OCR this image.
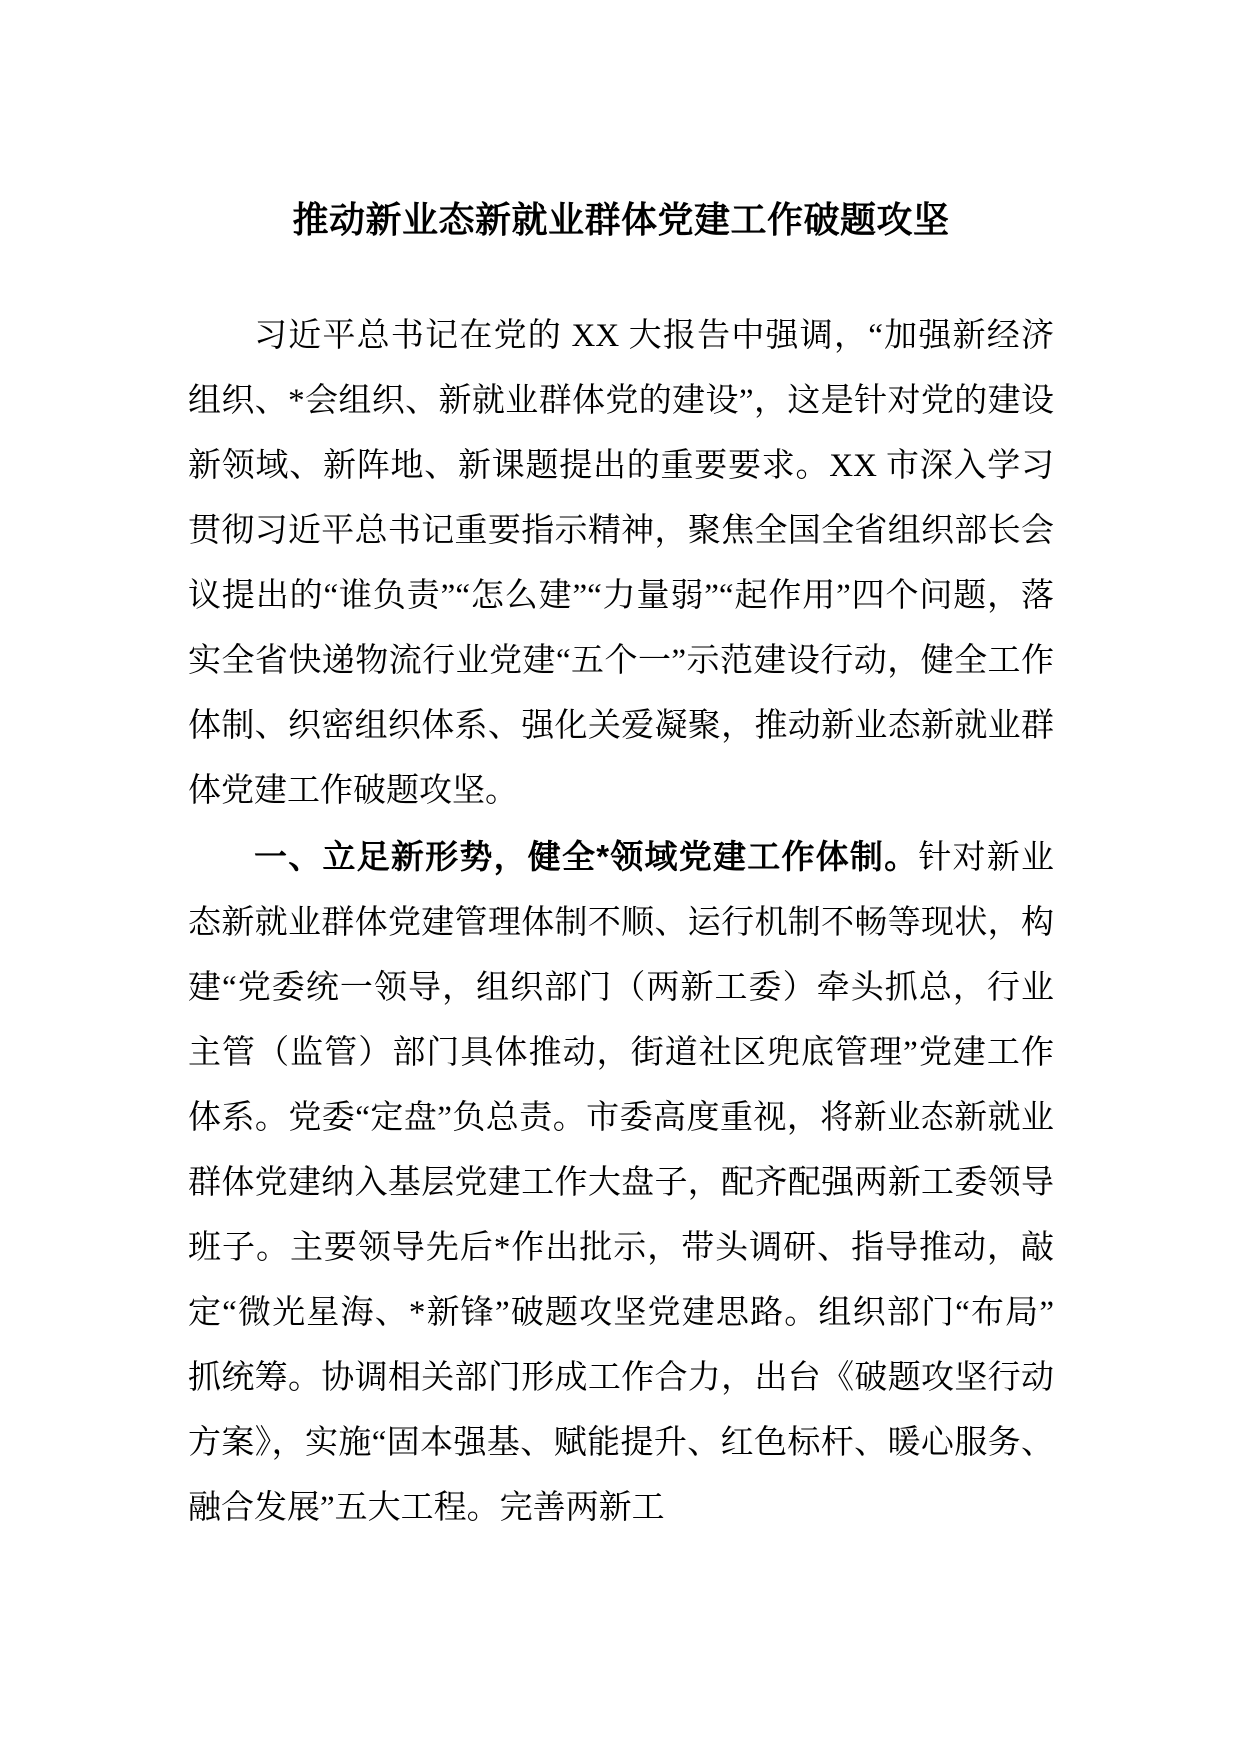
推动新业态新就业群体党建工作破题攻坚

习近平总书记在党的 XX 大报告中强调，“加强新经济组织、*会组织、新就业群体党的建设”，这是针对党的建设新领域、新阵地、新课题提出的重要要求。XX 市深入学习贯彻习近平总书记重要指示精神，聚焦全国全省组织部长会议提出的“谁负责”“怎么建”“力量弱”“起作用”四个问题，落实全省快递物流行业党建“五个一”示范建设行动，健全工作体制、织密组织体系、强化关爱凝聚，推动新业态新就业群体党建工作破题攻坚。

一、立足新形势，健全*领域党建工作体制。针对新业态新就业群体党建管理体制不顺、运行机制不畅等现状，构建“党委统一领导，组织部门（两新工委）牵头抓总，行业主管（监管）部门具体推动，街道社区兜底管理”党建工作体系。党委“定盘”负总责。市委高度重视，将新业态新就业群体党建纳入基层党建工作大盘子，配齐配强两新工委领导班子。主要领导先后*作出批示，带头调研、指导推动，敲定“微光星海、*新锋”破题攻坚党建思路。组织部门“布局”抓统筹。协调相关部门形成工作合力，出台《破题攻坚行动方案》，实施“固本强基、赋能提升、红色标杆、暖心服务、融合发展”五大工程。完善两新工
